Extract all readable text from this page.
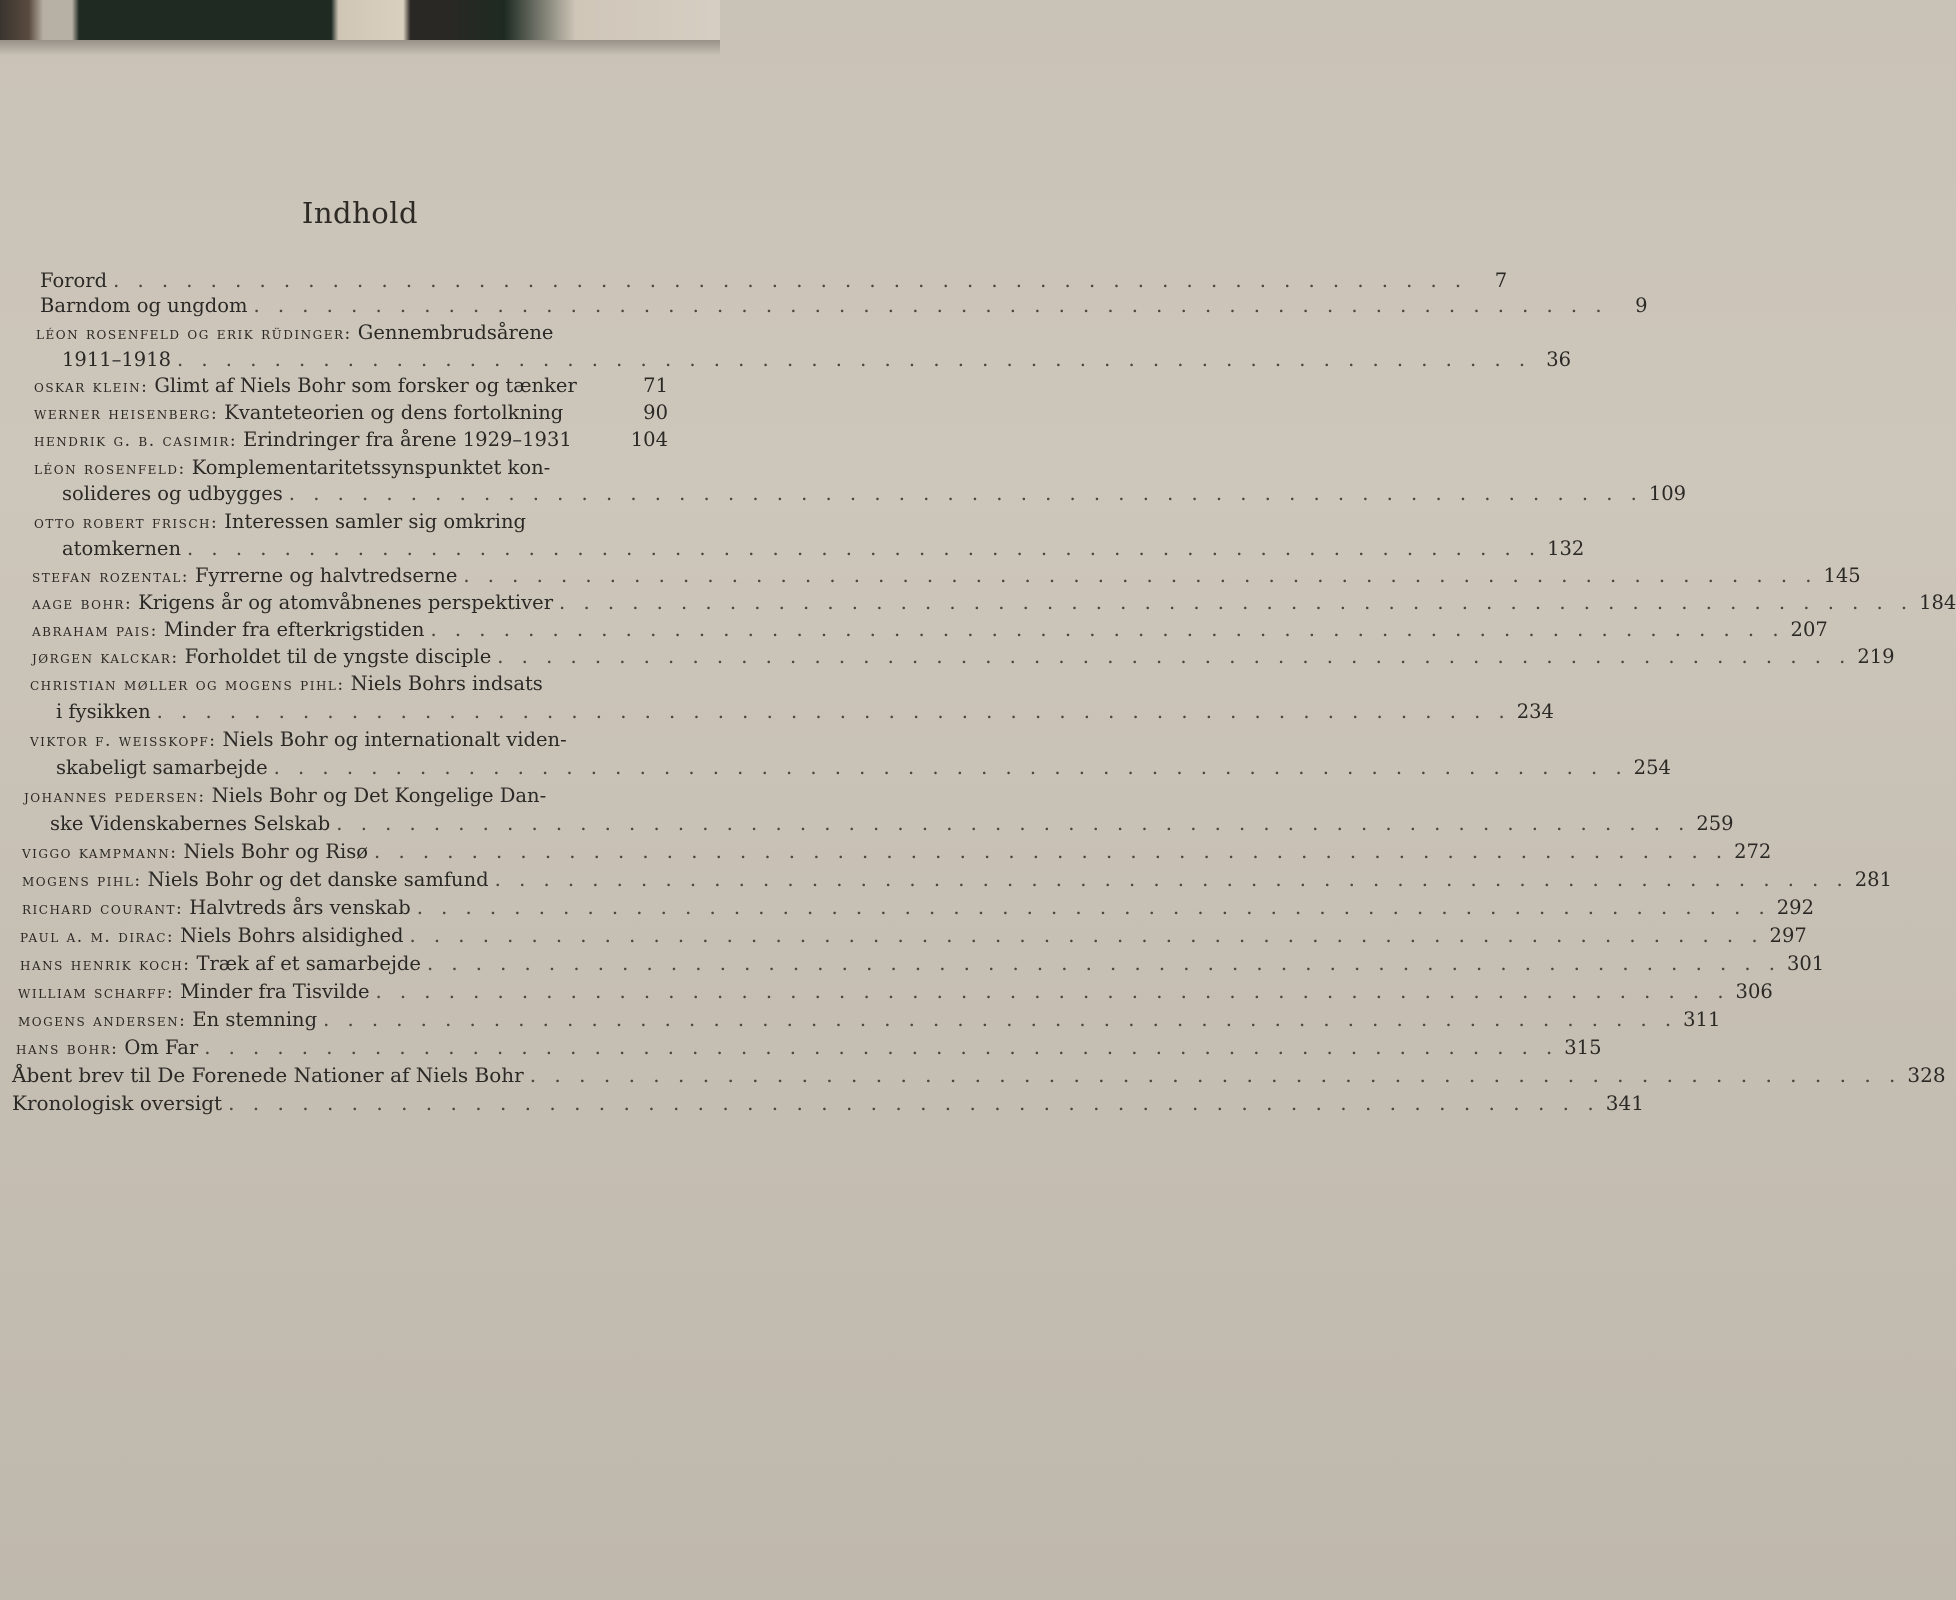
Indhold
Forord . . . . . . . . . . . . . . . . . . . . . . . . . . . . . . . . . . . . . . . . . . . . . . . . . . . . . . . .	7
Barndom og ungdom . . . . . . . . . . . . . . . . . . . . . . . . . . . . . . . . . . . . . . . . . . . . . . . . . . . . . . . .	9
léon rosenfeld og erik rüdinger: Gennembrudsårene
1911–1918 . . . . . . . . . . . . . . . . . . . . . . . . . . . . . . . . . . . . . . . . . . . . . . . . . . . . . . . . 36
oskar klein: Glimt af Niels Bohr som forsker og tænker	71
werner heisenberg: Kvanteteorien og dens fortolkning	90
hendrik g. b. casimir: Erindringer fra årene 1929–1931	104
léon rosenfeld: Komplementaritetssynspunktet kon-
solideres og udbygges . . . . . . . . . . . . . . . . . . . . . . . . . . . . . . . . . . . . . . . . . . . . . . . . . . . . . . . . 109
otto robert frisch: Interessen samler sig omkring
atomkernen . . . . . . . . . . . . . . . . . . . . . . . . . . . . . . . . . . . . . . . . . . . . . . . . . . . . . . . . 132
stefan rozental: Fyrrerne og halvtredserne . . . . . . . . . . . . . . . . . . . . . . . . . . . . . . . . . . . . . . . . . . . . . . . . . . . . . . . . 145
aage bohr: Krigens år og atomvåbnenes perspektiver . . . . . . . . . . . . . . . . . . . . . . . . . . . . . . . . . . . . . . . . . . . . . . . . . . . . . . . . 184
abraham pais: Minder fra efterkrigstiden . . . . . . . . . . . . . . . . . . . . . . . . . . . . . . . . . . . . . . . . . . . . . . . . . . . . . . . . 207
jørgen kalckar: Forholdet til de yngste disciple . . . . . . . . . . . . . . . . . . . . . . . . . . . . . . . . . . . . . . . . . . . . . . . . . . . . . . . . 219
christian møller og mogens pihl: Niels Bohrs indsats
i fysikken . . . . . . . . . . . . . . . . . . . . . . . . . . . . . . . . . . . . . . . . . . . . . . . . . . . . . . . . 234
viktor f. weisskopf: Niels Bohr og internationalt viden-
skabeligt samarbejde . . . . . . . . . . . . . . . . . . . . . . . . . . . . . . . . . . . . . . . . . . . . . . . . . . . . . . . . 254
johannes pedersen: Niels Bohr og Det Kongelige Dan-
ske Videnskabernes Selskab . . . . . . . . . . . . . . . . . . . . . . . . . . . . . . . . . . . . . . . . . . . . . . . . . . . . . . . . 259
viggo kampmann: Niels Bohr og Risø . . . . . . . . . . . . . . . . . . . . . . . . . . . . . . . . . . . . . . . . . . . . . . . . . . . . . . . . 272
mogens pihl: Niels Bohr og det danske samfund . . . . . . . . . . . . . . . . . . . . . . . . . . . . . . . . . . . . . . . . . . . . . . . . . . . . . . . . 281
richard courant: Halvtreds års venskab . . . . . . . . . . . . . . . . . . . . . . . . . . . . . . . . . . . . . . . . . . . . . . . . . . . . . . . . 292
paul a. m. dirac: Niels Bohrs alsidighed . . . . . . . . . . . . . . . . . . . . . . . . . . . . . . . . . . . . . . . . . . . . . . . . . . . . . . . . 297
hans henrik koch: Træk af et samarbejde . . . . . . . . . . . . . . . . . . . . . . . . . . . . . . . . . . . . . . . . . . . . . . . . . . . . . . . . 301
william scharff: Minder fra Tisvilde . . . . . . . . . . . . . . . . . . . . . . . . . . . . . . . . . . . . . . . . . . . . . . . . . . . . . . . . 306
mogens andersen: En stemning . . . . . . . . . . . . . . . . . . . . . . . . . . . . . . . . . . . . . . . . . . . . . . . . . . . . . . . . 311
hans bohr: Om Far . . . . . . . . . . . . . . . . . . . . . . . . . . . . . . . . . . . . . . . . . . . . . . . . . . . . . . . . 315
Åbent brev til De Forenede Nationer af Niels Bohr . . . . . . . . . . . . . . . . . . . . . . . . . . . . . . . . . . . . . . . . . . . . . . . . . . . . . . . . 328
Kronologisk oversigt . . . . . . . . . . . . . . . . . . . . . . . . . . . . . . . . . . . . . . . . . . . . . . . . . . . . . . . . 341
